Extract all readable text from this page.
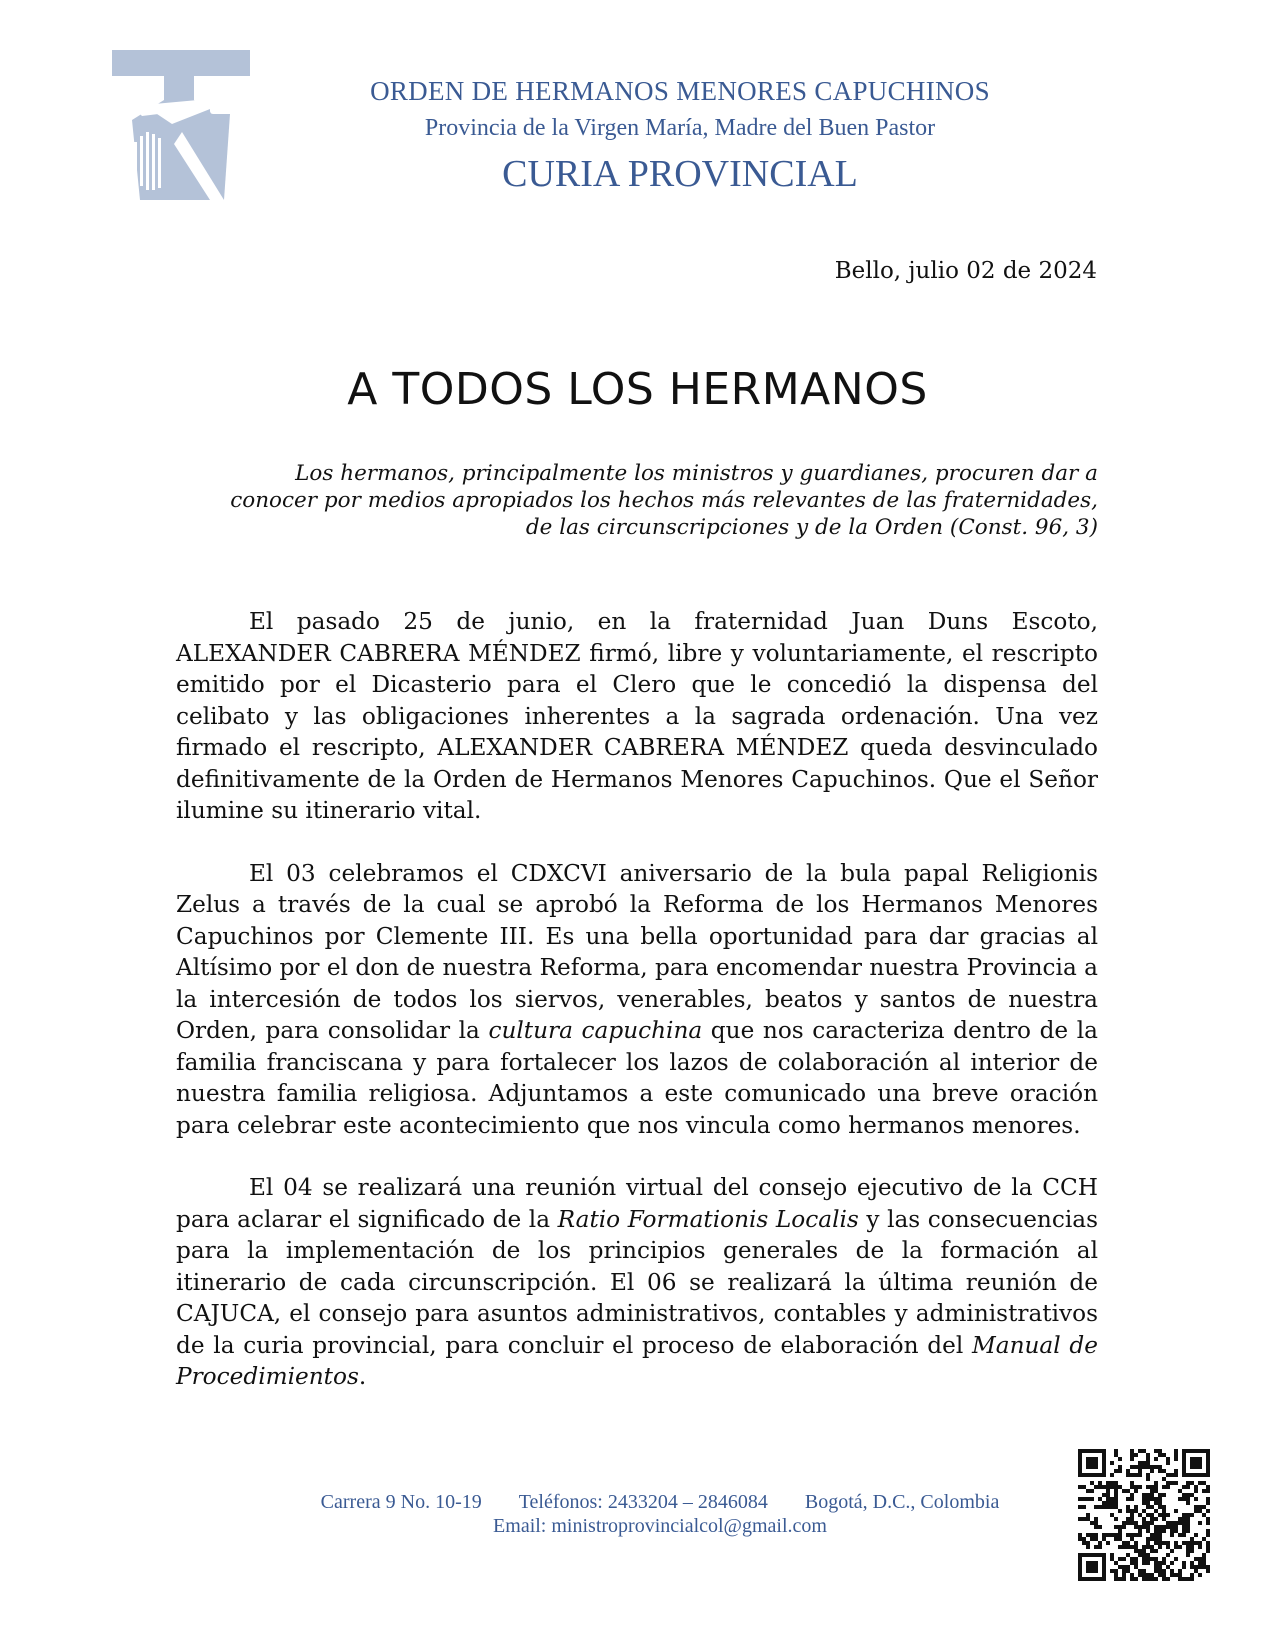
ORDEN DE HERMANOS MENORES CAPUCHINOS
Provincia de la Virgen María, Madre del Buen Pastor
CURIA PROVINCIAL
Bello, julio 02 de 2024
A TODOS LOS HERMANOS
Los hermanos, principalmente los ministros y guardianes, procuren dar a
conocer por medios apropiados los hechos más relevantes de las fraternidades,
de las circunscripciones y de la Orden (Const. 96, 3)

El pasado 25 de junio, en la fraternidad Juan Duns Escoto, ALEXANDER CABRERA MÉNDEZ firmó, libre y voluntariamente, el rescripto emitido por el Dicasterio para el Clero que le concedió la dispensa del celibato y las obligaciones inherentes a la sagrada ordenación. Una vez firmado el rescripto, ALEXANDER CABRERA MÉNDEZ queda desvinculado definitivamente de la Orden de Hermanos Menores Capuchinos. Que el Señor ilumine su itinerario vital.

El 03 celebramos el CDXCVI aniversario de la bula papal Religionis Zelus a través de la cual se aprobó la Reforma de los Hermanos Menores Capuchinos por Clemente III. Es una bella oportunidad para dar gracias al Altísimo por el don de nuestra Reforma, para encomendar nuestra Provincia a la intercesión de todos los siervos, venerables, beatos y santos de nuestra Orden, para consolidar la cultura capuchina que nos caracteriza dentro de la familia franciscana y para fortalecer los lazos de colaboración al interior de nuestra familia religiosa. Adjuntamos a este comunicado una breve oración para celebrar este acontecimiento que nos vincula como hermanos menores.

El 04 se realizará una reunión virtual del consejo ejecutivo de la CCH para aclarar el significado de la Ratio Formationis Localis y las consecuencias para la implementación de los principios generales de la formación al itinerario de cada circunscripción. El 06 se realizará la última reunión de CAJUCA, el consejo para asuntos administrativos, contables y administrativos de la curia provincial, para concluir el proceso de elaboración del Manual de Procedimientos.

Carrera 9 No. 10-19 Teléfonos: 2433204 – 2846084 Bogotá, D.C., Colombia
Email: ministroprovincialcol@gmail.com
